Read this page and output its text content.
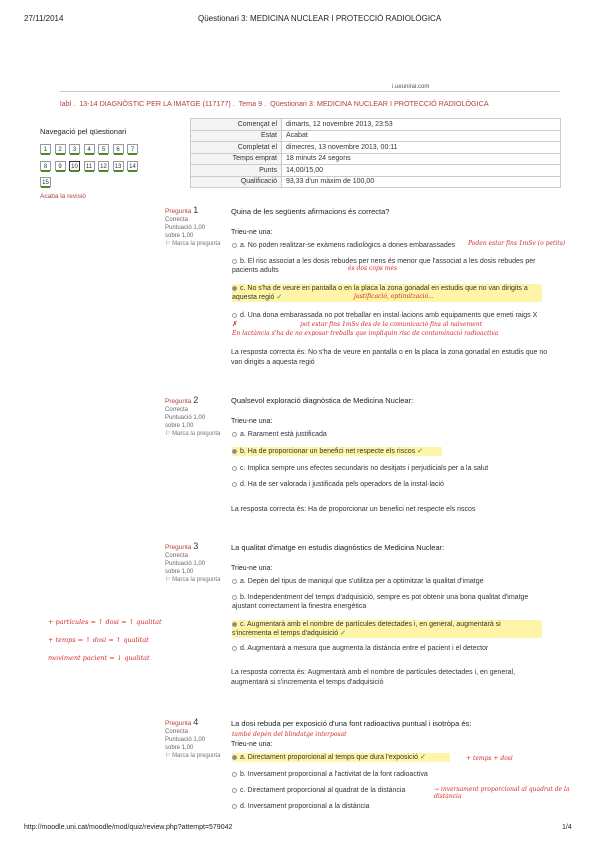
27/11/2014	Qüestionari 3: MEDICINA NUCLEAR I PROTECCIÓ RADIOLÒGICA
i.ueunirai.com
labl . 13-14 DIAGNÒSTIC PER LA IMATGE (117177) . Tema 9 . Qüestionari 3: MEDICINA NUCLEAR I PROTECCIÓ RADIOLÒGICA
Navegació pel qüestionari
1	2	3	4	5	6	7
8	9	10	11	12	13	14
15
Acaba la revisió
Començat el	dimarts, 12 novembre 2013, 23:53
Estat	Acabat
Completat el	dimecres, 13 novembre 2013, 00:11
Temps emprat	18 minuts 24 segons
Punts	14,00/15,00
Qualificació	93,33 d'un màxim de 100,00
Pregunta 1
Correcta
Puntuació 1,00 sobre 1,00
⚐ Marca la pregunta
Quina de les següents afirmacions és correcta?
Trieu-ne una:
a. No poden realitzar-se exàmens radiològics a dones embarassades
b. El risc associat a les dosis rebudes per nens és menor que l'associat a les dosis rebudes per pacients adults
c. No s'ha de veure en pantalla o en la placa la zona gonadal en estudis que no van dirigits a aquesta regió ✓
d. Una dona embarassada no pot treballar en instal·lacions amb equipaments que emeti raigs X ✗
La resposta correcta és: No s'ha de veure en pantalla o en la placa la zona gonadal en estudis que no van dirigits a aquesta regió
Poden estar fins 1mSv (o petits)
és dos cops més
justificació, optimització...
pot estar fins 1mSv des de la comunicació fins al naixement
En lactància s'ha de no exposar treballs que impliquin risc de contaminació radioactiva
Pregunta 2
Correcta
Puntuació 1,00 sobre 1,00
⚐ Marca la pregunta
Qualsevol exploració diagnòstica de Medicina Nuclear:
Trieu-ne una:
a. Rarament està justificada
b. Ha de proporcionar un benefici net respecte els riscos ✓
c. Implica sempre uns efectes secundaris no desitjats i perjudicials per a la salut
d. Ha de ser valorada i justificada pels operadors de la instal·lació
La resposta correcta és: Ha de proporcionar un benefici net respecte els riscos
Pregunta 3
Correcta
Puntuació 1,00 sobre 1,00
⚐ Marca la pregunta
La qualitat d'imatge en estudis diagnòstics de Medicina Nuclear:
Trieu-ne una:
a. Depèn del tipus de maniquí que s'utilitza per a optimitzar la qualitat d'imatge
b. Independentment del temps d'adquisició, sempre es pot obtenir una bona qualitat d'imatge ajustant correctament la finestra energètica
c. Augmentarà amb el nombre de partícules detectades i, en general, augmentarà si s'incrementa el temps d'adquisició ✓
d. Augmentarà a mesura que augmenta la distància entre el pacient i el detector
La resposta correcta és: Augmentarà amb el nombre de partícules detectades i, en general, augmentarà si s'incrementa el temps d'adquisició
+ partícules = ↑ dosi = ↑ qualitat
+ temps = ↑ dosi = ↑ qualitat
moviment pacient = ↓ qualitat
Pregunta 4
Correcta
Puntuació 1,00 sobre 1,00
⚐ Marca la pregunta
La dosi rebuda per exposició d'una font radioactiva puntual i isotròpa és:
també depèn del blindatge interposat
Trieu-ne una:
a. Directament proporcional al temps que dura l'exposició ✓	+ temps + dosi
b. Inversament proporcional a l'activitat de la font radioactiva
c. Directament proporcional al quadrat de la distància	→ inversament proporcional al quadrat de la distància
d. Inversament proporcional a la distància
http://moodle.uni.cat/moodle/mod/quiz/review.php?attempt=579042	1/4
